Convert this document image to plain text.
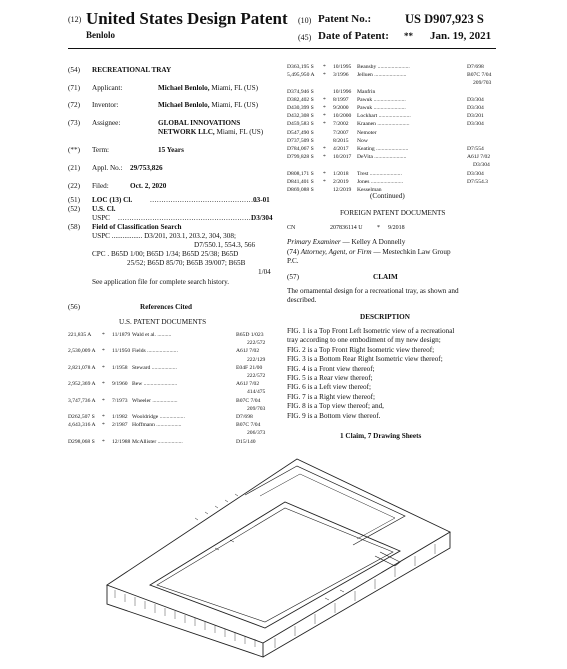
(12) United States Design Patent
Benlolo
(10) Patent No.:	US D907,923 S
(45) Date of Patent: ** Jan. 19, 2021
(54) RECREATIONAL TRAY
(71) Applicant:	Michael Benlolo, Miami, FL (US)
(72) Inventor:	Michael Benlolo, Miami, FL (US)
(73) Assignee:	GLOBAL INNOVATIONS
NETWORK LLC, Miami, FL (US)
(**) Term:	15 Years
(21) Appl. No.: 29/753,826
(22) Filed:	Oct. 2, 2020
(51) LOC (13) Cl. ...............................................
03-01
(52) U.S. Cl.
USPC ...........................................................
D3/304
(58) Field of Classification Search
USPC ................. D3/201, 203.1, 203.2, 304, 308;
D7/550.1, 554.3, 566
CPC . B65D 1/00; B65D 1/34; B65D 25/38; B65D
25/52; B65D 85/70; B65B 39/007; B65B
1/04
See application file for complete search history.
(56)	References Cited
U.S. PATENT DOCUMENTS
221,835 A * 11/1879 Wald et al. ..........	B65D 1/023
222/572
2,530,009 A * 11/1950 Fields ......................	A61J 7/02
222/129
2,821,078 A * 1/1958 Steward ..................	E04F 21/00
222/572
2,952,369 A * 9/1960 Bew ........................	A61J 7/02
414/475
3,747,736 A * 7/1973 Wheeler ..................	B07C 7/04
209/703
D262,507 S * 1/1982 Wooldridge ..................	D7/698
4,643,316 A * 2/1987 Hoffmann ..................	B07C 7/04
206/373
D298,068 S * 12/1988 McAllister ..................	D15/140
D363,195 S * 10/1995 Beansby .......................	D7/698
5,495,950 A * 3/1996 Jelluen .......................	B07C 7/04
209/703
D374,946 S	10/1996 Manfrin
D382,402 S * 8/1997 Pawuk .......................	D3/304
D430,399 S * 9/2000 Pawuk .......................	D3/304
D432,308 S * 10/2000 Lockhart .......................	D3/201
D459,583 S * 7/2002 Kraanen .......................	D3/304
D547,490 S	7/2007 Nemoter
D737,509 S	8/2015 Now
D784,067 S * 4/2017 Keating .......................	D7/554
D799,828 S * 10/2017 DeVita .......................	A61J 7/02
D3/304
D808,171 S * 1/2018 Trest .......................	D3/304
D841,401 S * 2/2019 Jones .......................	D7/554.3
D869,088 S	12/2019 Kesselman
(Continued)
FOREIGN PATENT DOCUMENTS
CN	207836114 U * 9/2018
Primary Examiner — Kelley A Donnelly
(74) Attorney, Agent, or Firm — Mestechkin Law Group
P.C.
(57)	CLAIM
The ornamental design for a recreational tray, as shown and
described.
DESCRIPTION
FIG. 1 is a Top Front Left Isometric view of a recreational
tray according to one embodiment of my new design;
FIG. 2 is a Top Front Right Isometric view thereof;
FIG. 3 is a Bottom Rear Right Isometric view thereof;
FIG. 4 is a Front view thereof;
FIG. 5 is a Rear view thereof;
FIG. 6 is a Left view thereof;
FIG. 7 is a Right view thereof;
FIG. 8 is a Top view thereof; and,
FIG. 9 is a Bottom view thereof.
1 Claim, 7 Drawing Sheets
